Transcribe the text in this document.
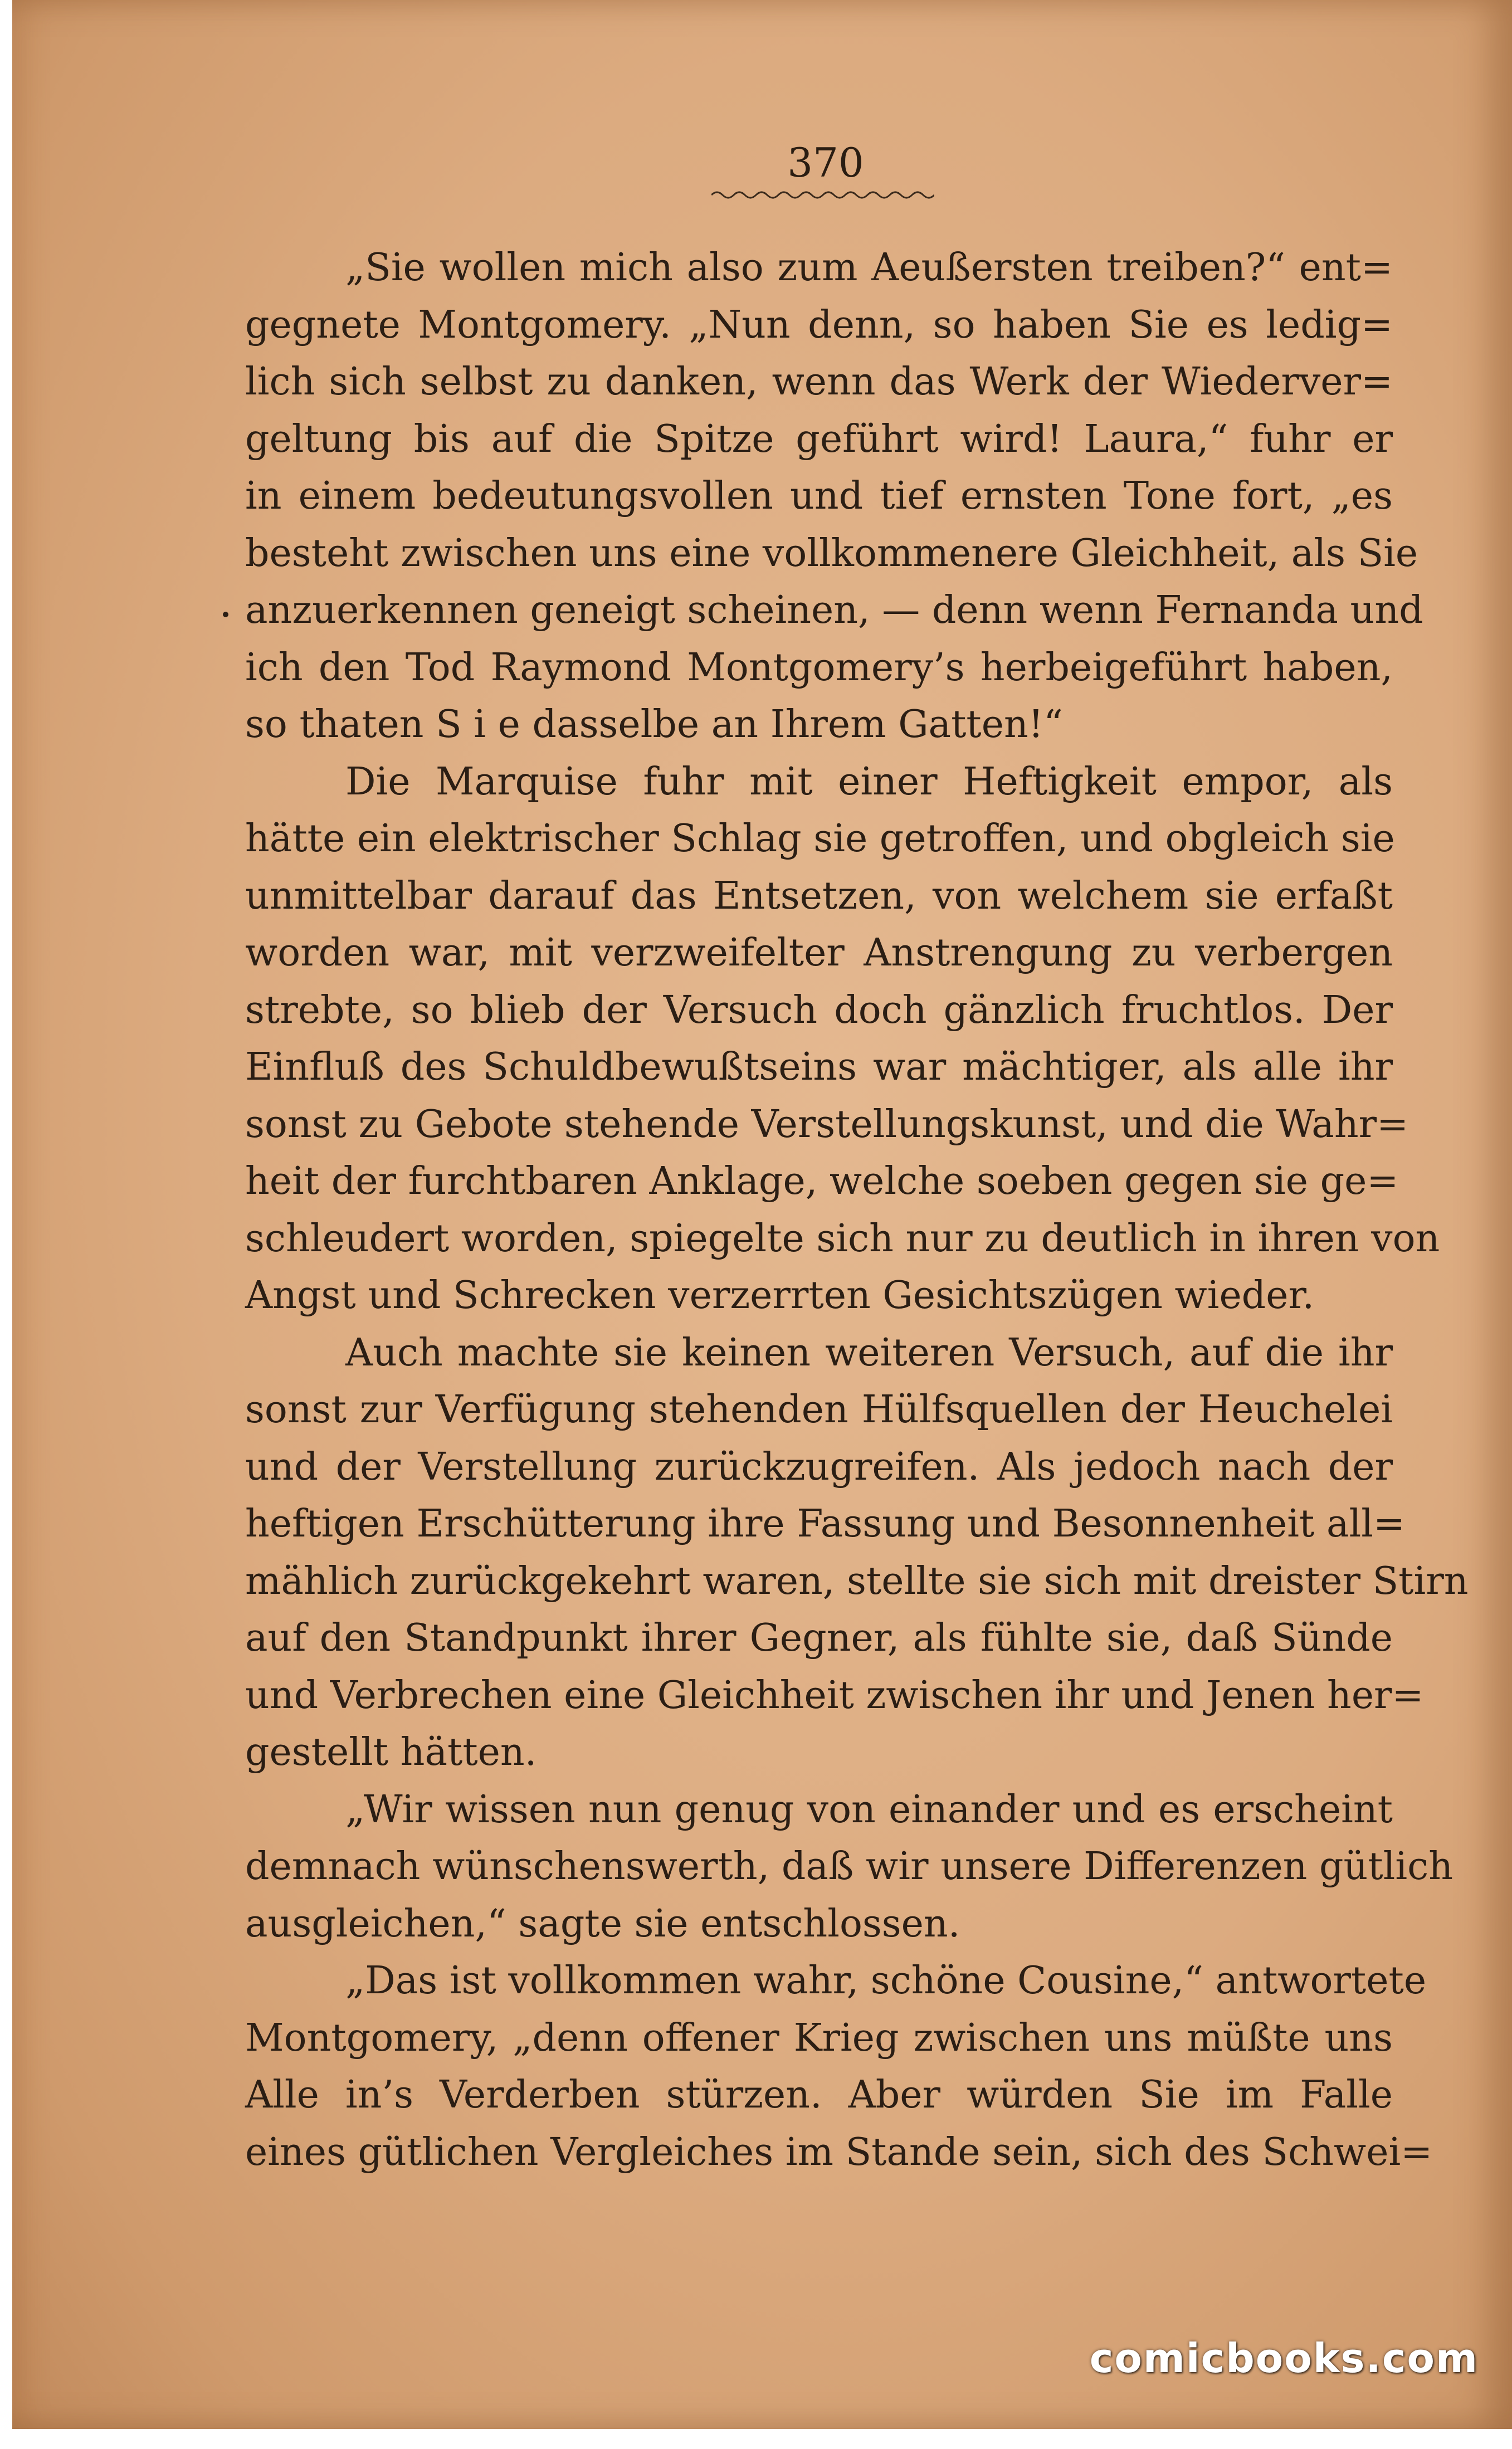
370
„Sie wollen mich also zum Aeußersten treiben?“ ent=
gegnete Montgomery. „Nun denn, so haben Sie es ledig=
lich sich selbst zu danken, wenn das Werk der Wiederver=
geltung bis auf die Spitze geführt wird! Laura,“ fuhr er
in einem bedeutungsvollen und tief ernsten Tone fort, „es
besteht zwischen uns eine vollkommenere Gleichheit, als Sie
anzuerkennen geneigt scheinen, — denn wenn Fernanda und
ich den Tod Raymond Montgomery’s herbeigeführt haben,
so thaten S i e dasselbe an Ihrem Gatten!“
Die Marquise fuhr mit einer Heftigkeit empor, als
hätte ein elektrischer Schlag sie getroffen, und obgleich sie
unmittelbar darauf das Entsetzen, von welchem sie erfaßt
worden war, mit verzweifelter Anstrengung zu verbergen
strebte, so blieb der Versuch doch gänzlich fruchtlos. Der
Einfluß des Schuldbewußtseins war mächtiger, als alle ihr
sonst zu Gebote stehende Verstellungskunst, und die Wahr=
heit der furchtbaren Anklage, welche soeben gegen sie ge=
schleudert worden, spiegelte sich nur zu deutlich in ihren von
Angst und Schrecken verzerrten Gesichtszügen wieder.
Auch machte sie keinen weiteren Versuch, auf die ihr
sonst zur Verfügung stehenden Hülfsquellen der Heuchelei
und der Verstellung zurückzugreifen. Als jedoch nach der
heftigen Erschütterung ihre Fassung und Besonnenheit all=
mählich zurückgekehrt waren, stellte sie sich mit dreister Stirn
auf den Standpunkt ihrer Gegner, als fühlte sie, daß Sünde
und Verbrechen eine Gleichheit zwischen ihr und Jenen her=
gestellt hätten.
„Wir wissen nun genug von einander und es erscheint
demnach wünschenswerth, daß wir unsere Differenzen gütlich
ausgleichen,“ sagte sie entschlossen.
„Das ist vollkommen wahr, schöne Cousine,“ antwortete
Montgomery, „denn offener Krieg zwischen uns müßte uns
Alle in’s Verderben stürzen. Aber würden Sie im Falle
eines gütlichen Vergleiches im Stande sein, sich des Schwei=
comicbooks.com
